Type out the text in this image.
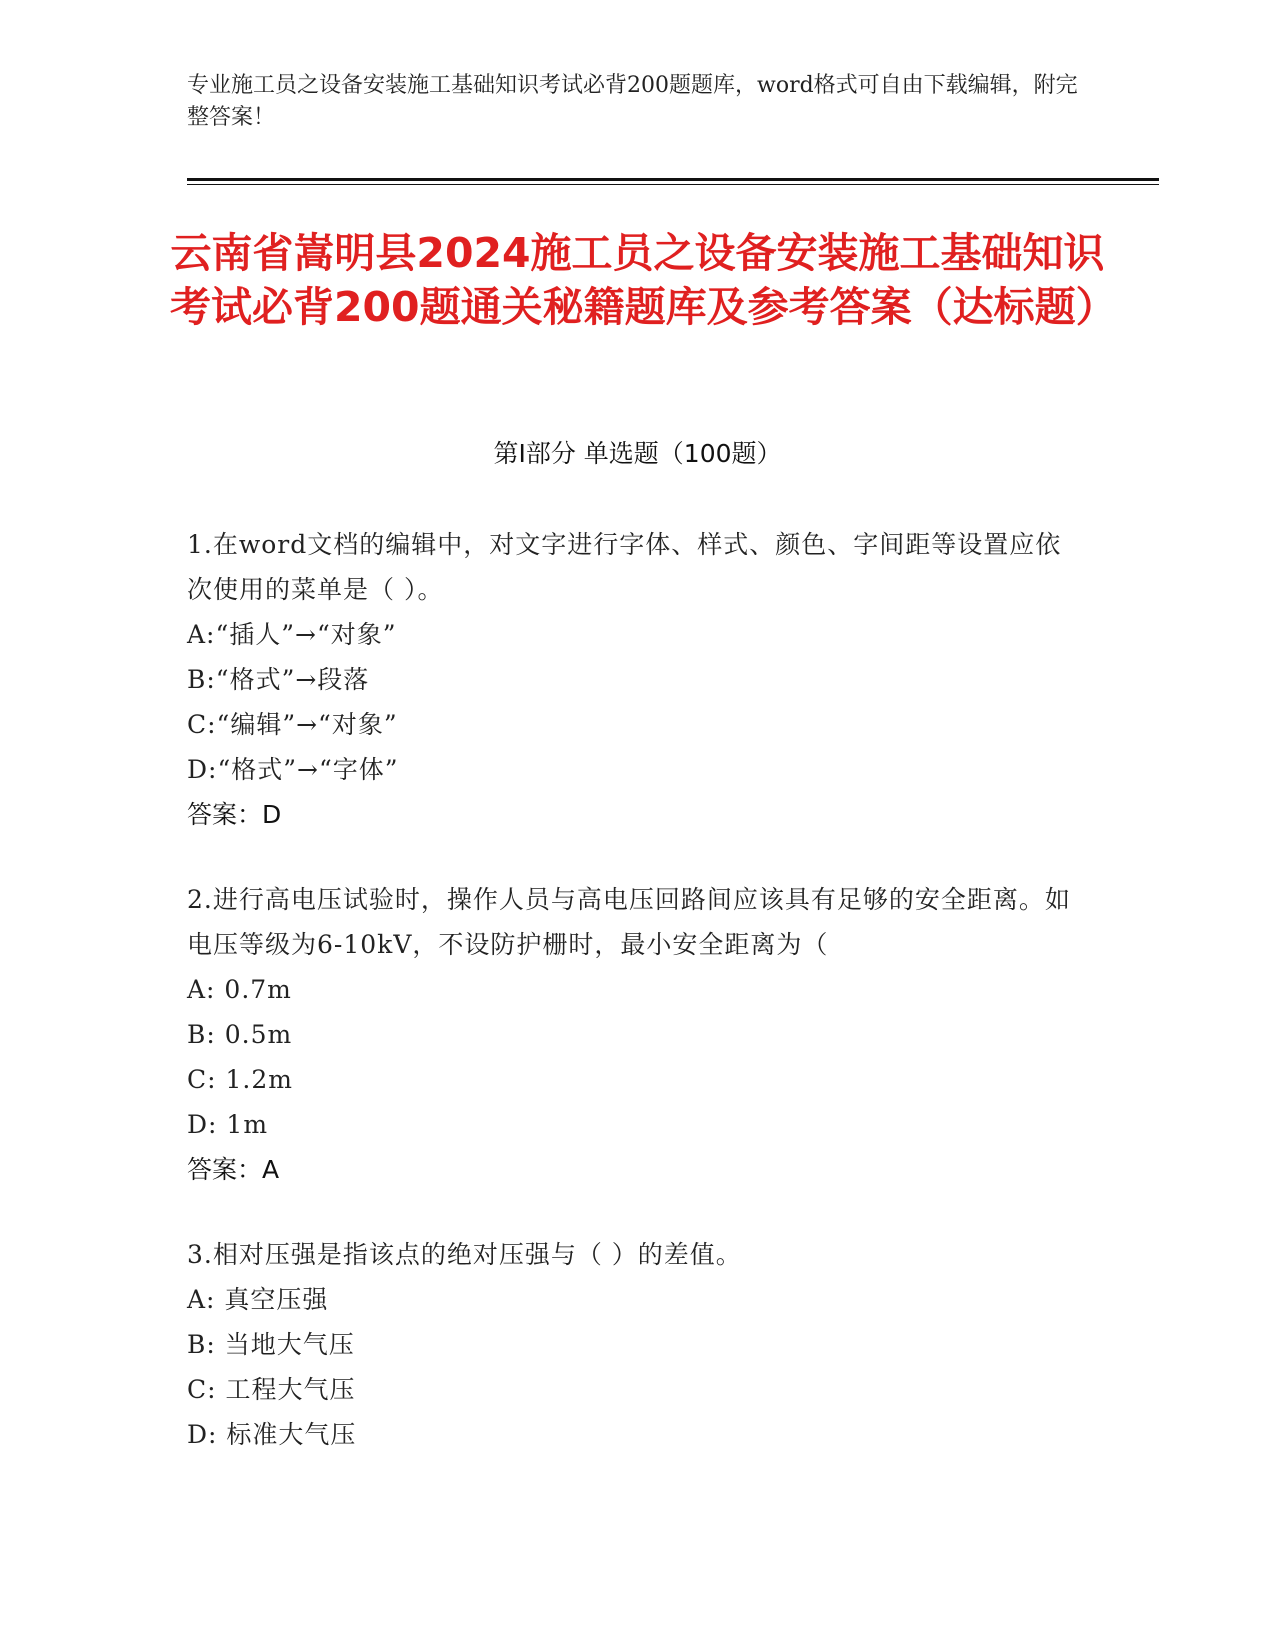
专业施工员之设备安装施工基础知识考试必背200题题库，word格式可自由下载编辑，附完整答案！
云南省嵩明县2024施工员之设备安装施工基础知识考试必背200题通关秘籍题库及参考答案（达标题）
第I部分 单选题（100题）
1.在word文档的编辑中，对文字进行字体、样式、颜色、字间距等设置应依次使用的菜单是（ ）。
A:“插人”→“对象”
B:“格式”→段落
C:“编辑”→“对象”
D:“格式”→“字体”
答案：D
2.进行高电压试验时，操作人员与高电压回路间应该具有足够的安全距离。如电压等级为6-10kV，不设防护栅时，最小安全距离为（
A: 0.7m
B: 0.5m
C: 1.2m
D: 1m
答案：A
3.相对压强是指该点的绝对压强与（ ）的差值。
A: 真空压强
B: 当地大气压
C: 工程大气压
D: 标准大气压
